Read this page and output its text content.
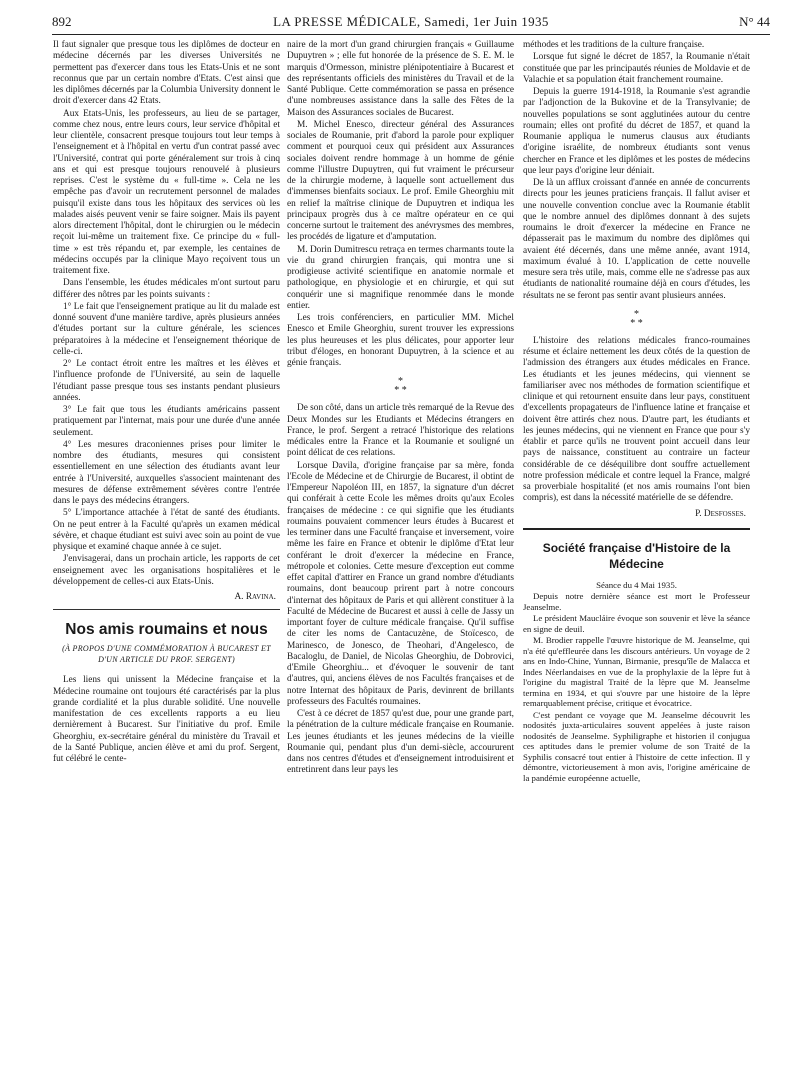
892	LA PRESSE MÉDICALE, Samedi, 1er Juin 1935	N° 44

Il faut signaler que presque tous les diplômes de docteur en médecine décernés par les diverses Universités ne permettent pas d'exercer dans tous les Etats-Unis et ne sont reconnus que par un certain nombre d'Etats. C'est ainsi que les diplômes décernés par la Columbia University donnent le droit d'exercer dans 42 Etats.

Aux Etats-Unis, les professeurs, au lieu de se partager, comme chez nous, entre leurs cours, leur service d'hôpital et leur clientèle, consacrent presque toujours tout leur temps à l'enseignement et à l'hôpital en vertu d'un contrat passé avec l'Université, contrat qui porte généralement sur trois à cinq ans et qui est presque toujours renouvelé à plusieurs reprises. C'est le système du « full-time ». Cela ne les empêche pas d'avoir un recrutement personnel de malades puisqu'il existe dans tous les hôpitaux des services où les malades aisés peuvent venir se faire soigner. Mais ils payent alors directement l'hôpital, dont le chirurgien ou le médecin reçoit lui-même un traitement fixe. Ce principe du « full-time » est très répandu et, par exemple, les centaines de médecins occupés par la clinique Mayo reçoivent tous un traitement fixe.

Dans l'ensemble, les études médicales m'ont surtout paru différer des nôtres par les points suivants :

1° Le fait que l'enseignement pratique au lit du malade est donné souvent d'une manière tardive, après plusieurs années d'études portant sur la culture générale, les sciences préparatoires à la médecine et l'enseignement théorique de celle-ci.

2° Le contact étroit entre les maîtres et les élèves et l'influence profonde de l'Université, au sein de laquelle l'étudiant passe presque tous ses instants pendant plusieurs années.

3° Le fait que tous les étudiants américains passent pratiquement par l'internat, mais pour une durée d'une année seulement.

4° Les mesures draconiennes prises pour limiter le nombre des étudiants, mesures qui consistent essentiellement en une sélection des étudiants avant leur entrée à l'Université, auxquelles s'associent maintenant des mesures de défense extrêmement sévères contre l'entrée dans le pays des médecins étrangers.

5° L'importance attachée à l'état de santé des étudiants. On ne peut entrer à la Faculté qu'après un examen médical sévère, et chaque étudiant est suivi avec soin au point de vue physique et examiné chaque année à ce sujet.

J'envisagerai, dans un prochain article, les rapports de cet enseignement avec les organisations hospitalières et le développement de celles-ci aux Etats-Unis.

A. Ravina.
Nos amis roumains et nous
(À PROPOS D'UNE COMMÉMORATION À BUCAREST ET D'UN ARTICLE DU PROF. SERGENT)

Les liens qui unissent la Médecine française et la Médecine roumaine ont toujours été caractérisés par la plus grande cordialité et la plus durable solidité. Une nouvelle manifestation de ces excellents rapports a eu lieu dernièrement à Bucarest. Sur l'initiative du prof. Emile Gheorghiu, ex-secrétaire général du ministère du Travail et de la Santé Publique, ancien élève et ami du prof. Sergent, fut célébré le cente-

naire de la mort d'un grand chirurgien français « Guillaume Dupuytren » ; elle fut honorée de la présence de S. E. M. le marquis d'Ormesson, ministre plénipotentiaire à Bucarest et des représentants officiels des ministères du Travail et de la Santé Publique. Cette commémoration se passa en présence d'une nombreuses assistance dans la salle des Fêtes de la Maison des Assurances sociales de Bucarest.

M. Michel Enesco, directeur général des Assurances sociales de Roumanie, prit d'abord la parole pour expliquer comment et pourquoi ceux qui président aux Assurances sociales doivent rendre hommage à un homme de génie comme l'illustre Dupuytren, qui fut vraiment le précurseur de la chirurgie moderne, à laquelle sont actuellement dus d'immenses bienfaits sociaux. Le prof. Emile Gheorghiu mit en relief la maîtrise clinique de Dupuytren et indiqua les principaux progrès dus à ce maître opérateur en ce qui concerne surtout le traitement des anévrysmes des membres, les procédés de ligature et d'amputation.

M. Dorin Dumitrescu retraça en termes charmants toute la vie du grand chirurgien français, qui montra une si prodigieuse activité scientifique en anatomie normale et pathologique, en physiologie et en chirurgie, et qui sut conquérir une si magnifique renommée dans le monde entier.

Les trois conférenciers, en particulier MM. Michel Enesco et Emile Gheorghiu, surent trouver les expressions les plus heureuses et les plus délicates, pour apporter leur tribut d'éloges, en honorant Dupuytren, à la science et au génie français.

*
* *

De son côté, dans un article très remarqué de la Revue des Deux Mondes sur les Etudiants et Médecins étrangers en France, le prof. Sergent a retracé l'historique des relations médicales entre la France et la Roumanie et souligné un point délicat de ces relations.

Lorsque Davila, d'origine française par sa mère, fonda l'Ecole de Médecine et de Chirurgie de Bucarest, il obtint de l'Empereur Napoléon III, en 1857, la signature d'un décret qui conférait à cette Ecole les mêmes droits qu'aux Ecoles françaises de médecine : ce qui signifie que les étudiants roumains pouvaient commencer leurs études à Bucarest et les terminer dans une Faculté française et inversement, voire même les faire en France et obtenir le diplôme d'Etat leur conférant le droit d'exercer la médecine en France, métropole et colonies. Cette mesure d'exception eut comme effet capital d'attirer en France un grand nombre d'étudiants roumains, dont beaucoup prirent part à notre concours d'internat des hôpitaux de Paris et qui allèrent constituer à la Faculté de Médecine de Bucarest et aussi à celle de Jassy un important foyer de culture médicale française. Qu'il suffise de citer les noms de Cantacuzène, de Stoïcesco, de Marinesco, de Jonesco, de Theohari, d'Angelesco, de Bacaloglu, de Daniel, de Nicolas Gheorghiu, de Dobrovici, d'Emile Gheorghiu... et d'évoquer le souvenir de tant d'autres, qui, anciens élèves de nos Facultés françaises et de notre Internat des hôpitaux de Paris, devinrent de brillants professeurs des Facultés roumaines.

C'est à ce décret de 1857 qu'est due, pour une grande part, la pénétration de la culture médicale française en Roumanie. Les jeunes étudiants et les jeunes médecins de la vieille Roumanie qui, pendant plus d'un demi-siècle, accoururent dans nos centres d'études et d'enseignement introduisirent et entretinrent dans leur pays les

méthodes et les traditions de la culture française.

Lorsque fut signé le décret de 1857, la Roumanie n'était constituée que par les principautés réunies de Moldavie et de Valachie et sa population était franchement roumaine.

Depuis la guerre 1914-1918, la Roumanie s'est agrandie par l'adjonction de la Bukovine et de la Transylvanie; de nouvelles populations se sont agglutinées autour du centre roumain; elles ont profité du décret de 1857, et quand la Roumanie appliqua le numerus clausus aux étudiants d'origine israélite, de nombreux étudiants sont venus chercher en France et les diplômes et les postes de médecins que leur pays d'origine leur déniait.

De là un afflux croissant d'année en année de concurrents directs pour les jeunes praticiens français. Il fallut aviser et une nouvelle convention conclue avec la Roumanie établit que le nombre annuel des diplômes donnant à des sujets roumains le droit d'exercer la médecine en France ne dépasserait pas le maximum du nombre des diplômes qui avaient été décernés, dans une même année, avant 1914, maximum évalué à 10. L'application de cette nouvelle mesure sera très utile, mais, comme elle ne s'adresse pas aux étudiants de nationalité roumaine déjà en cours d'études, les résultats ne se feront pas sentir avant plusieurs années.

*
* *

L'histoire des relations médicales franco-roumaines résume et éclaire nettement les deux côtés de la question de l'admission des étrangers aux études médicales en France. Les étudiants et les jeunes médecins, qui viennent se familiariser avec nos méthodes de formation scientifique et clinique et qui retournent ensuite dans leur pays, constituent d'excellents propagateurs de l'influence latine et française et doivent être attirés chez nous. D'autre part, les étudiants et les jeunes médecins, qui ne viennent en France que pour s'y établir et parce qu'ils ne trouvent point accueil dans leur pays de naissance, constituent au contraire un facteur considérable de ce déséquilibre dont souffre actuellement notre profession médicale et contre lequel la France, malgré sa proverbiale hospitalité (et nos amis roumains l'ont bien compris), est dans la nécessité matérielle de se défendre.

P. Desfosses.
Société française d'Histoire de la Médecine

Séance du 4 Mai 1935.

Depuis notre dernière séance est mort le Professeur Jeanselme.

Le président Maucláire évoque son souvenir et lève la séance en signe de deuil.

M. Brodier rappelle l'œuvre historique de M. Jeanselme, qui n'a été qu'effleurée dans les discours antérieurs. Un voyage de 2 ans en Indo-Chine, Yunnan, Birmanie, presqu'île de Malacca et Indes Néerlandaises en vue de la prophylaxie de la lèpre fut à l'origine du magistral Traité de la lèpre que M. Jeanselme termina en 1934, et qui s'ouvre par une histoire de la lèpre remarquablement précise, critique et évocatrice.

C'est pendant ce voyage que M. Jeanselme découvrit les nodosités juxta-articulaires souvent appelées à juste raison nodosités de Jeanselme. Syphiligraphe et historien il conjugua ces aptitudes dans le premier volume de son Traité de la Syphilis consacré tout entier à l'histoire de cette infection. Il y démontre, victorieusement à mon avis, l'origine américaine de la pandémie européenne actuelle,
